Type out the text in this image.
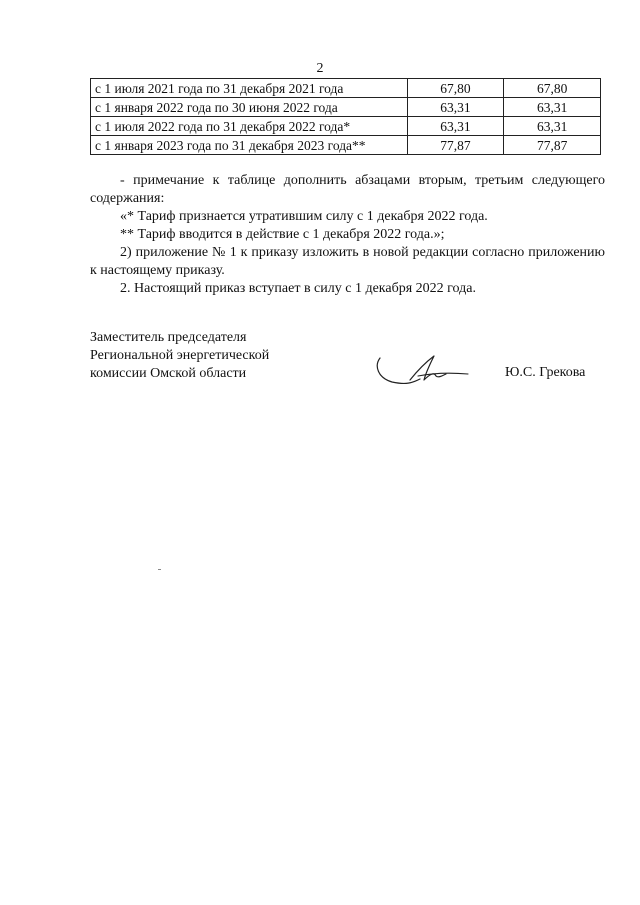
2
с 1 июля 2021 года по 31 декабря 2021 года	67,80	67,80
с 1 января 2022 года по 30 июня 2022 года	63,31	63,31
с 1 июля 2022 года по 31 декабря 2022 года*	63,31	63,31
с 1 января 2023 года по 31 декабря 2023 года**	77,87	77,87

- примечание к таблице дополнить абзацами вторым, третьим следующего содержания:

«* Тариф признается утратившим силу с 1 декабря 2022 года.

** Тариф вводится в действие с 1 декабря 2022 года.»;

2) приложение № 1 к приказу изложить в новой редакции согласно приложению к настоящему приказу.

2. Настоящий приказ вступает в силу с 1 декабря 2022 года.

Заместитель председателя
Региональной энергетической
комиссии Омской области	Ю.С. Грекова
